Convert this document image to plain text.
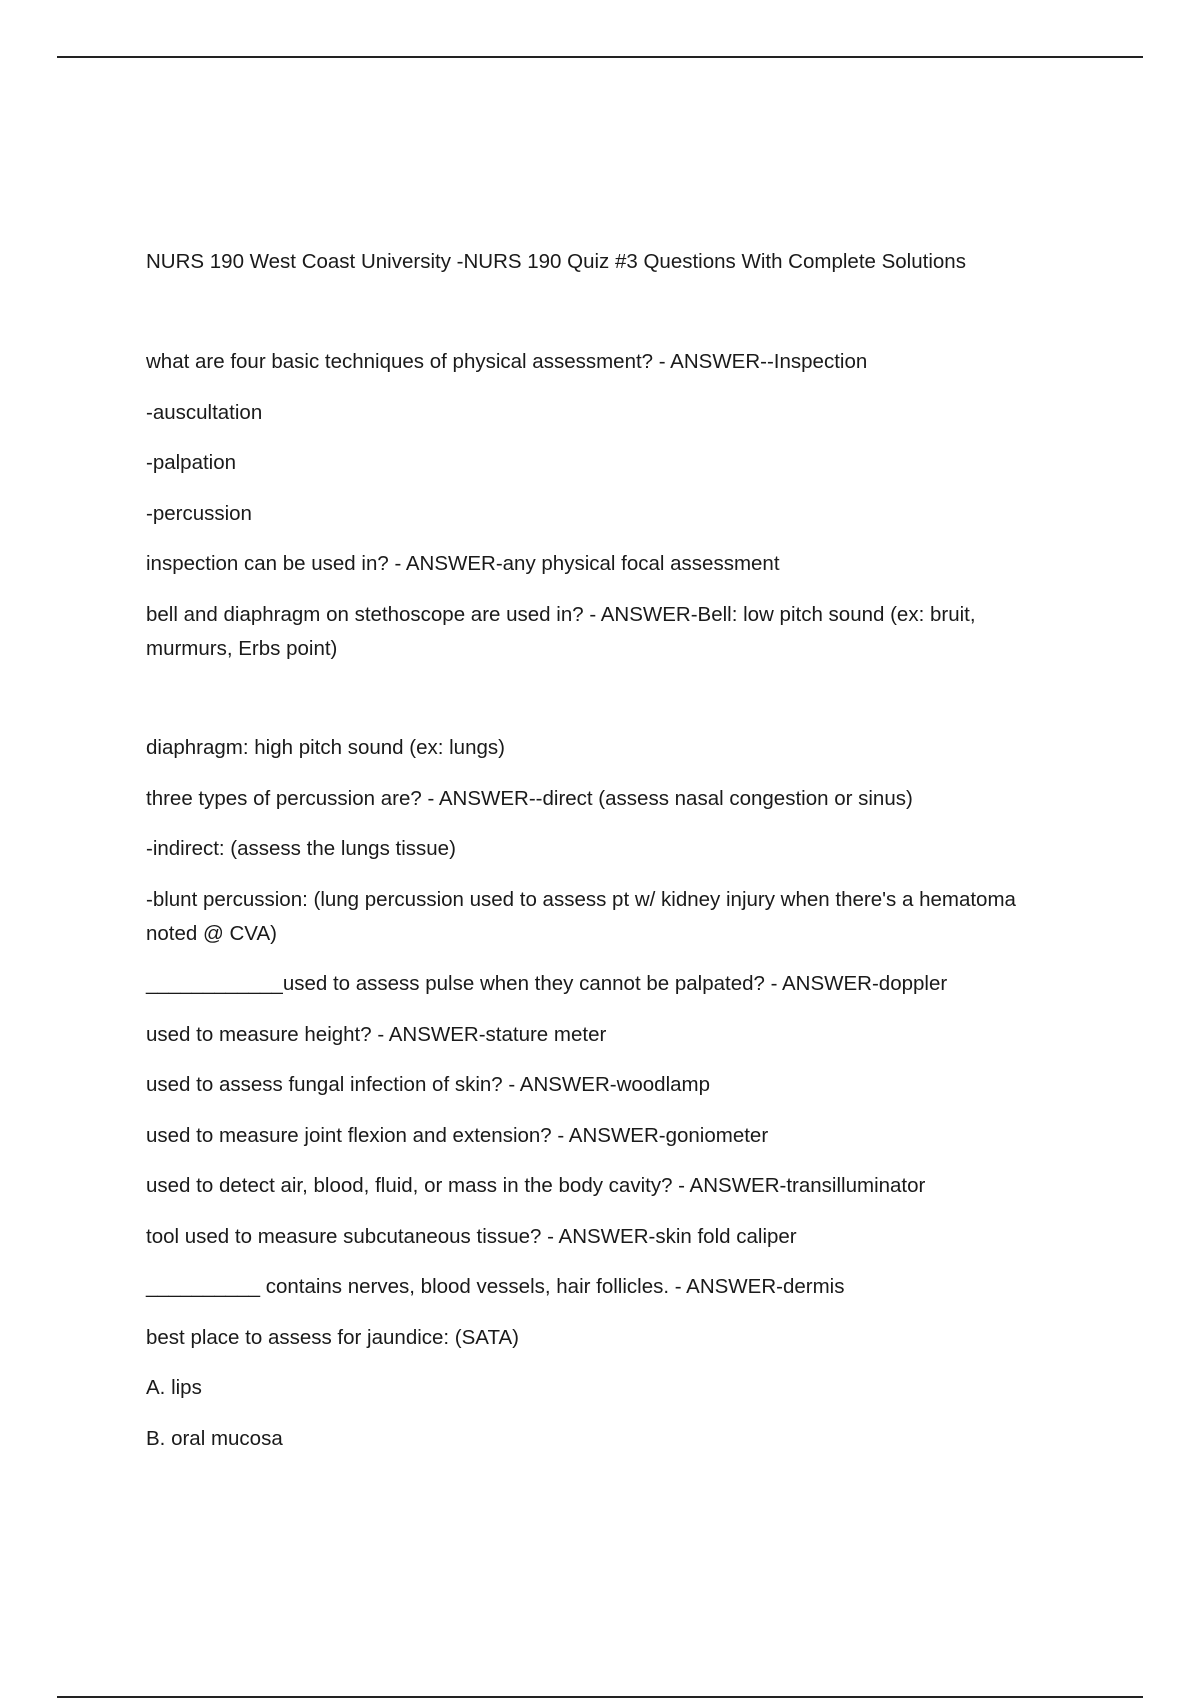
NURS 190 West Coast University -NURS 190 Quiz #3 Questions With Complete Solutions

what are four basic techniques of physical assessment? - ANSWER--Inspection

-auscultation

-palpation

-percussion

inspection can be used in? - ANSWER-any physical focal assessment

bell and diaphragm on stethoscope are used in? - ANSWER-Bell: low pitch sound (ex: bruit,
murmurs, Erbs point)

diaphragm: high pitch sound (ex: lungs)

three types of percussion are? - ANSWER--direct (assess nasal congestion or sinus)

-indirect: (assess the lungs tissue)

-blunt percussion: (lung percussion used to assess pt w/ kidney injury when there's a hematoma
noted @ CVA)

____________used to assess pulse when they cannot be palpated? - ANSWER-doppler

used to measure height? - ANSWER-stature meter

used to assess fungal infection of skin? - ANSWER-woodlamp

used to measure joint flexion and extension? - ANSWER-goniometer

used to detect air, blood, fluid, or mass in the body cavity? - ANSWER-transilluminator

tool used to measure subcutaneous tissue? - ANSWER-skin fold caliper

__________ contains nerves, blood vessels, hair follicles. - ANSWER-dermis

best place to assess for jaundice: (SATA)

A. lips

B. oral mucosa
